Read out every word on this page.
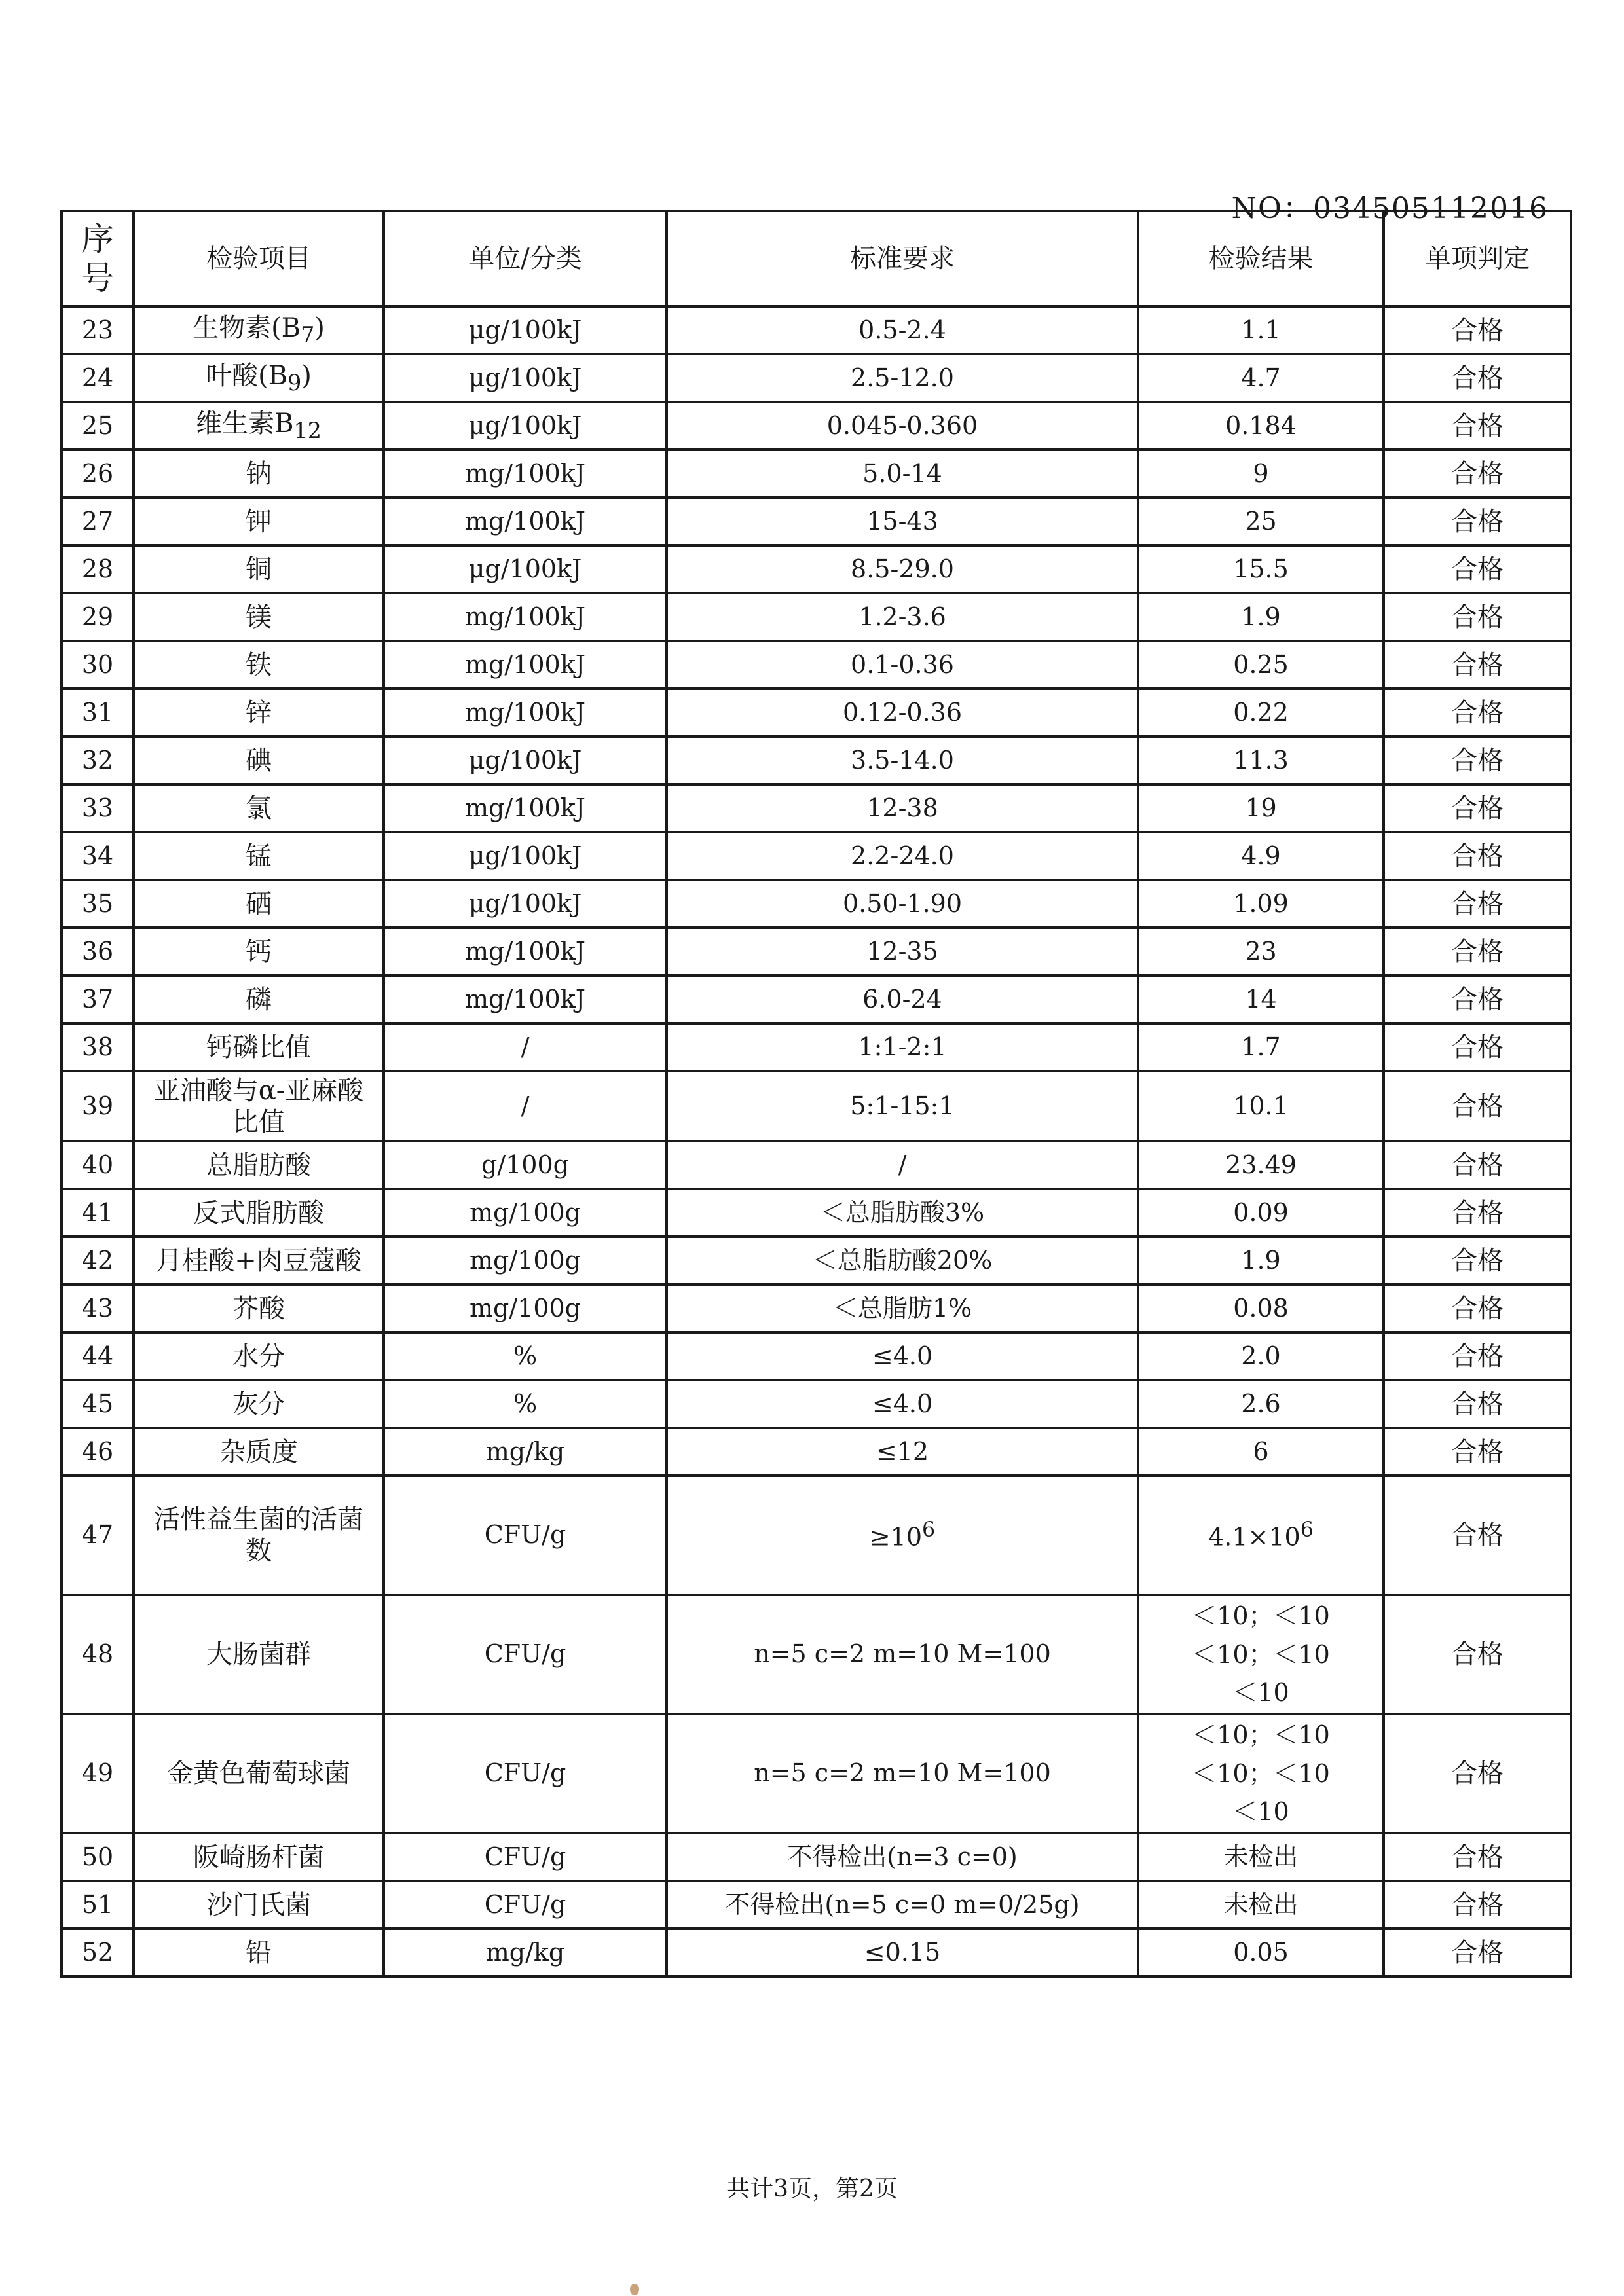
NO：034505112016
序号	检验项目	单位/分类	标准要求	检验结果	单项判定
23	生物素$(B_7)$	μg/100kJ	0.5-2.4	1.1	合格
24	叶酸$(B_9)$	μg/100kJ	2.5-12.0	4.7	合格
25	维生素$B_{12}$	μg/100kJ	0.045-0.360	0.184	合格
26	钠	mg/100kJ	5.0-14	9	合格
27	钾	mg/100kJ	15-43	25	合格
28	铜	μg/100kJ	8.5-29.0	15.5	合格
29	镁	mg/100kJ	1.2-3.6	1.9	合格
30	铁	mg/100kJ	0.1-0.36	0.25	合格
31	锌	mg/100kJ	0.12-0.36	0.22	合格
32	碘	μg/100kJ	3.5-14.0	11.3	合格
33	氯	mg/100kJ	12-38	19	合格
34	锰	μg/100kJ	2.2-24.0	4.9	合格
35	硒	μg/100kJ	0.50-1.90	1.09	合格
36	钙	mg/100kJ	12-35	23	合格
37	磷	mg/100kJ	6.0-24	14	合格
38	钙磷比值	/	1:1-2:1	1.7	合格
39	亚油酸与α-亚麻酸比值	/	5:1-15:1	10.1	合格
40	总脂肪酸	g/100g	/	23.49	合格
41	反式脂肪酸	mg/100g	＜总脂肪酸3%	0.09	合格
42	月桂酸+肉豆蔻酸	mg/100g	＜总脂肪酸20%	1.9	合格
43	芥酸	mg/100g	＜总脂肪1%	0.08	合格
44	水分	%	≤4.0	2.0	合格
45	灰分	%	≤4.0	2.6	合格
46	杂质度	mg/kg	≤12	6	合格
47	活性益生菌的活菌数	CFU/g	$\ge 10^6$	$4.1\times 10^6$	合格
48	大肠菌群	CFU/g	n=5 c=2 m=10 M=100	＜10；＜10
＜10；＜10
＜10	合格
49	金黄色葡萄球菌	CFU/g	n=5 c=2 m=10 M=100	＜10；＜10
＜10；＜10
＜10	合格
50	阪崎肠杆菌	CFU/g	不得检出(n=3 c=0)	未检出	合格
51	沙门氏菌	CFU/g	不得检出(n=5 c=0 m=0/25g)	未检出	合格
52	铅	mg/kg	≤0.15	0.05	合格
共计3页，第2页
